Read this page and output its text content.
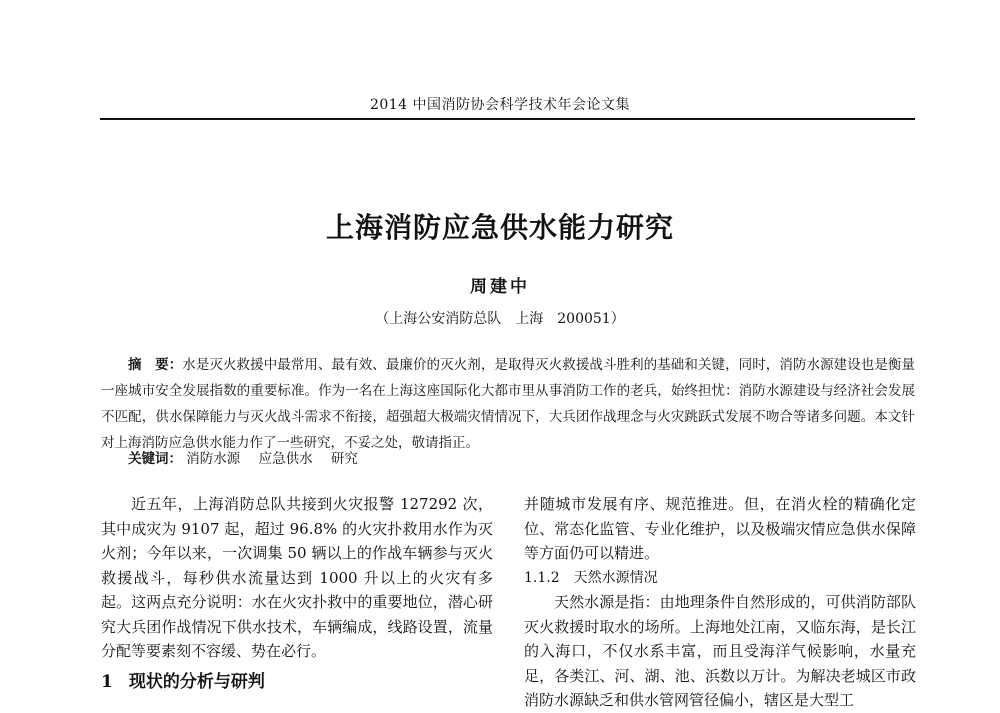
2014 中国消防协会科学技术年会论文集
上海消防应急供水能力研究
周建中
（上海公安消防总队　上海　200051）
摘　要：水是灭火救援中最常用、最有效、最廉价的灭火剂，是取得灭火救援战斗胜利的基础和关键，同时，消防水源建设也是衡量一座城市安全发展指数的重要标准。作为一名在上海这座国际化大都市里从事消防工作的老兵，始终担忧：消防水源建设与经济社会发展不匹配，供水保障能力与灭火战斗需求不衔接，超强超大极端灾情情况下，大兵团作战理念与火灾跳跃式发展不吻合等诸多问题。本文针对上海消防应急供水能力作了一些研究，不妥之处，敬请指正。
关键词： 消防水源 应急供水 研究

近五年，上海消防总队共接到火灾报警 127292 次，其中成灾为 9107 起，超过 96.8% 的火灾扑救用水作为灭火剂；今年以来，一次调集 50 辆以上的作战车辆参与灭火救援战斗，每秒供水流量达到 1000 升以上的火灾有多起。这两点充分说明：水在火灾扑救中的重要地位，潜心研究大兵团作战情况下供水技术，车辆编成，线路设置，流量分配等要素刻不容缓、势在必行。

1 现状的分析与研判

并随城市发展有序、规范推进。但，在消火栓的精确化定位、常态化监管、专业化维护，以及极端灾情应急供水保障等方面仍可以精进。

1.1.2 天然水源情况

天然水源是指：由地理条件自然形成的，可供消防部队灭火救援时取水的场所。上海地处江南，又临东海，是长江的入海口，不仅水系丰富，而且受海洋气候影响，水量充足，各类江、河、湖、池、浜数以万计。为解决老城区市政消防水源缺乏和供水管网管径偏小，辖区是大型工
